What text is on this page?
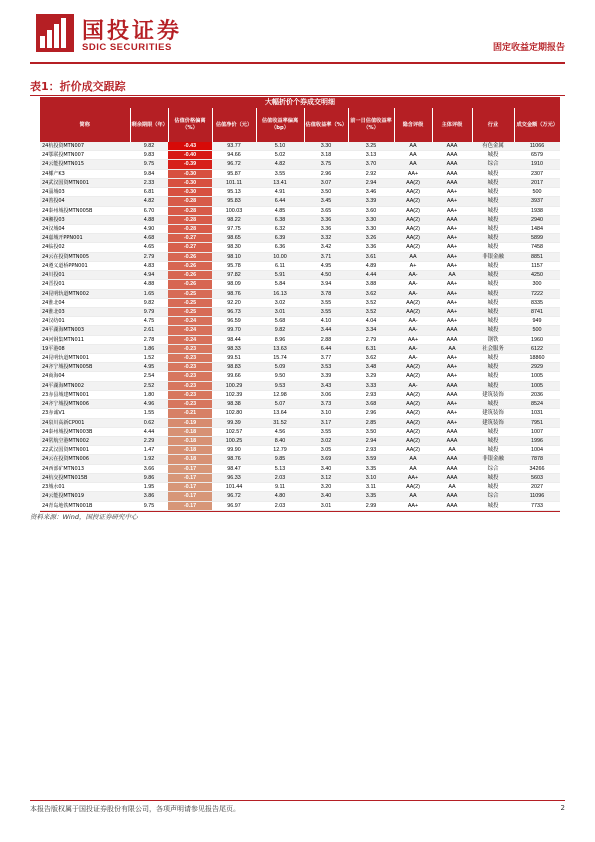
国投证券
SDIC SECURITIES	固定收益定期报告
表1：折价成交跟踪
大幅折价个券成交明细
简称	剩余期限（年）	估值价格偏离（%）	估值净价（元）	估值收益率偏离（bp）	估值收益率（%）	前一日估值收益率（%）	隐含评级	主体评级	行业	成交金额（万元）
24杭投资MTN007	9.82	-0.43	93.77	5.10	3.30	3.25	AA	AAA	有色金属	11066
24鄂联投MTN007	9.83	-0.40	94.66	5.02	3.18	3.13	AA	AAA	城投	6579
24云能投MTN015	9.75	-0.39	96.72	4.82	3.75	3.70	AA	AAA	综合	1910
24椰产K3	9.84	-0.30	95.87	3.55	2.96	2.92	AA+	AAA	城投	2307
24武汉国资MTN001	2.33	-0.30	101.11	13.41	3.07	2.94	AA(2)	AAA	城投	2017
24淄城03	6.81	-0.30	95.13	4.91	3.50	3.46	AA(2)	AA+	城投	500
24善投04	4.82	-0.28	95.83	6.44	3.45	3.39	AA(2)	AA+	城投	3937
24泰州城投MTN005B	6.70	-0.28	100.03	4.85	3.65	3.60	AA(2)	AA+	城投	1938
24湘投03	4.88	-0.28	98.22	6.38	3.36	3.30	AA(2)	AAA	城投	2940
24汉城04	4.90	-0.28	97.75	6.32	3.36	3.30	AA(2)	AA+	城投	1484
24嘉城开PPN001	4.68	-0.27	98.65	6.39	3.32	3.26	AA(2)	AA+	城投	5899
24临投02	4.65	-0.27	98.30	6.36	3.42	3.36	AA(2)	AA+	城投	7458
24云在投资MTN005	2.79	-0.26	98.10	10.00	3.71	3.61	AA	AA+	非银金融	8851
24遵义道桥PPN001	4.83	-0.26	95.78	6.11	4.95	4.89	A+	AA+	城投	1157
24川投01	4.94	-0.26	97.82	5.91	4.50	4.44	AA-	AA	城投	4250
24晋投01	4.88	-0.26	98.09	5.84	3.94	3.88	AA-	AA+	城投	300
24昆明轨道MTN002	1.65	-0.25	98.76	16.13	3.78	3.62	AA-	AA+	城投	7222
24淮北04	9.82	-0.25	92.20	3.02	3.55	3.52	AA(2)	AA+	城投	8335
24淮北03	9.79	-0.25	96.73	3.01	3.55	3.52	AA(2)	AA+	城投	8741
24汉纺01	4.75	-0.24	96.59	5.68	4.10	4.04	AA-	AA+	城投	949
24平湖海MTN003	2.61	-0.24	99.70	9.82	3.44	3.34	AA-	AAA	城投	500
24河钢集MTN011	2.78	-0.24	98.44	8.96	2.88	2.79	AA+	AAA	钢铁	1960
19平港08	1.86	-0.23	98.33	13.63	6.44	6.31	AA-	AA	社会服务	6122
24昆明轨道MTN001	1.52	-0.23	99.51	15.74	3.77	3.62	AA-	AA+	城投	18860
24齐宁城投MTN005B	4.95	-0.23	98.83	5.09	3.53	3.48	AA(2)	AA+	城投	2929
24商海04	2.54	-0.23	99.66	9.50	3.39	3.29	AA(2)	AA+	城投	1005
24平湖海MTN002	2.52	-0.23	100.29	9.53	3.43	3.33	AA-	AAA	城投	1005
23赤县城建MTN001	1.80	-0.23	102.39	12.98	3.06	2.93	AA(2)	AAA	建筑装饰	2036
24齐宁城投MTN006	4.96	-0.23	98.38	5.07	3.73	3.68	AA(2)	AA+	城投	8524
23赤诚V1	1.55	-0.21	102.80	13.64	3.10	2.96	AA(2)	AA+	建筑装饰	1031
24泉川高新CP001	0.62	-0.19	99.39	31.52	3.17	2.85	AA(2)	AA+	建筑装饰	7951
24泰州城投MTN003B	4.44	-0.18	102.57	4.56	3.55	3.50	AA(2)	AAA	城投	1007
24常航空港MTN002	2.29	-0.18	100.25	8.40	3.02	2.94	AA(2)	AAA	城投	1996
22武汉国资MTN001	1.47	-0.18	99.90	12.79	3.05	2.93	AA(2)	AA	城投	1004
24云在投资MTN006	1.92	-0.18	98.76	9.85	3.69	3.59	AA	AAA	非银金融	7878
24西部矿MTN013	3.66	-0.17	98.47	5.13	3.40	3.35	AA	AAA	综合	34266
24杭交投MTN015B	9.86	-0.17	96.33	2.03	3.12	3.10	AA+	AAA	城投	5603
23城水01	1.95	-0.17	101.44	9.11	3.20	3.11	AA(2)	AA	城投	2027
24云能投MTN019	3.86	-0.17	96.72	4.80	3.40	3.35	AA	AAA	综合	11096
24青岛地铁MTN001B	9.75	-0.17	96.97	2.03	3.01	2.99	AA+	AAA	城投	7733
资料来源：Wind，国投证券研究中心
本报告版权属于国投证券股份有限公司，各项声明请参见报告尾页。	2
